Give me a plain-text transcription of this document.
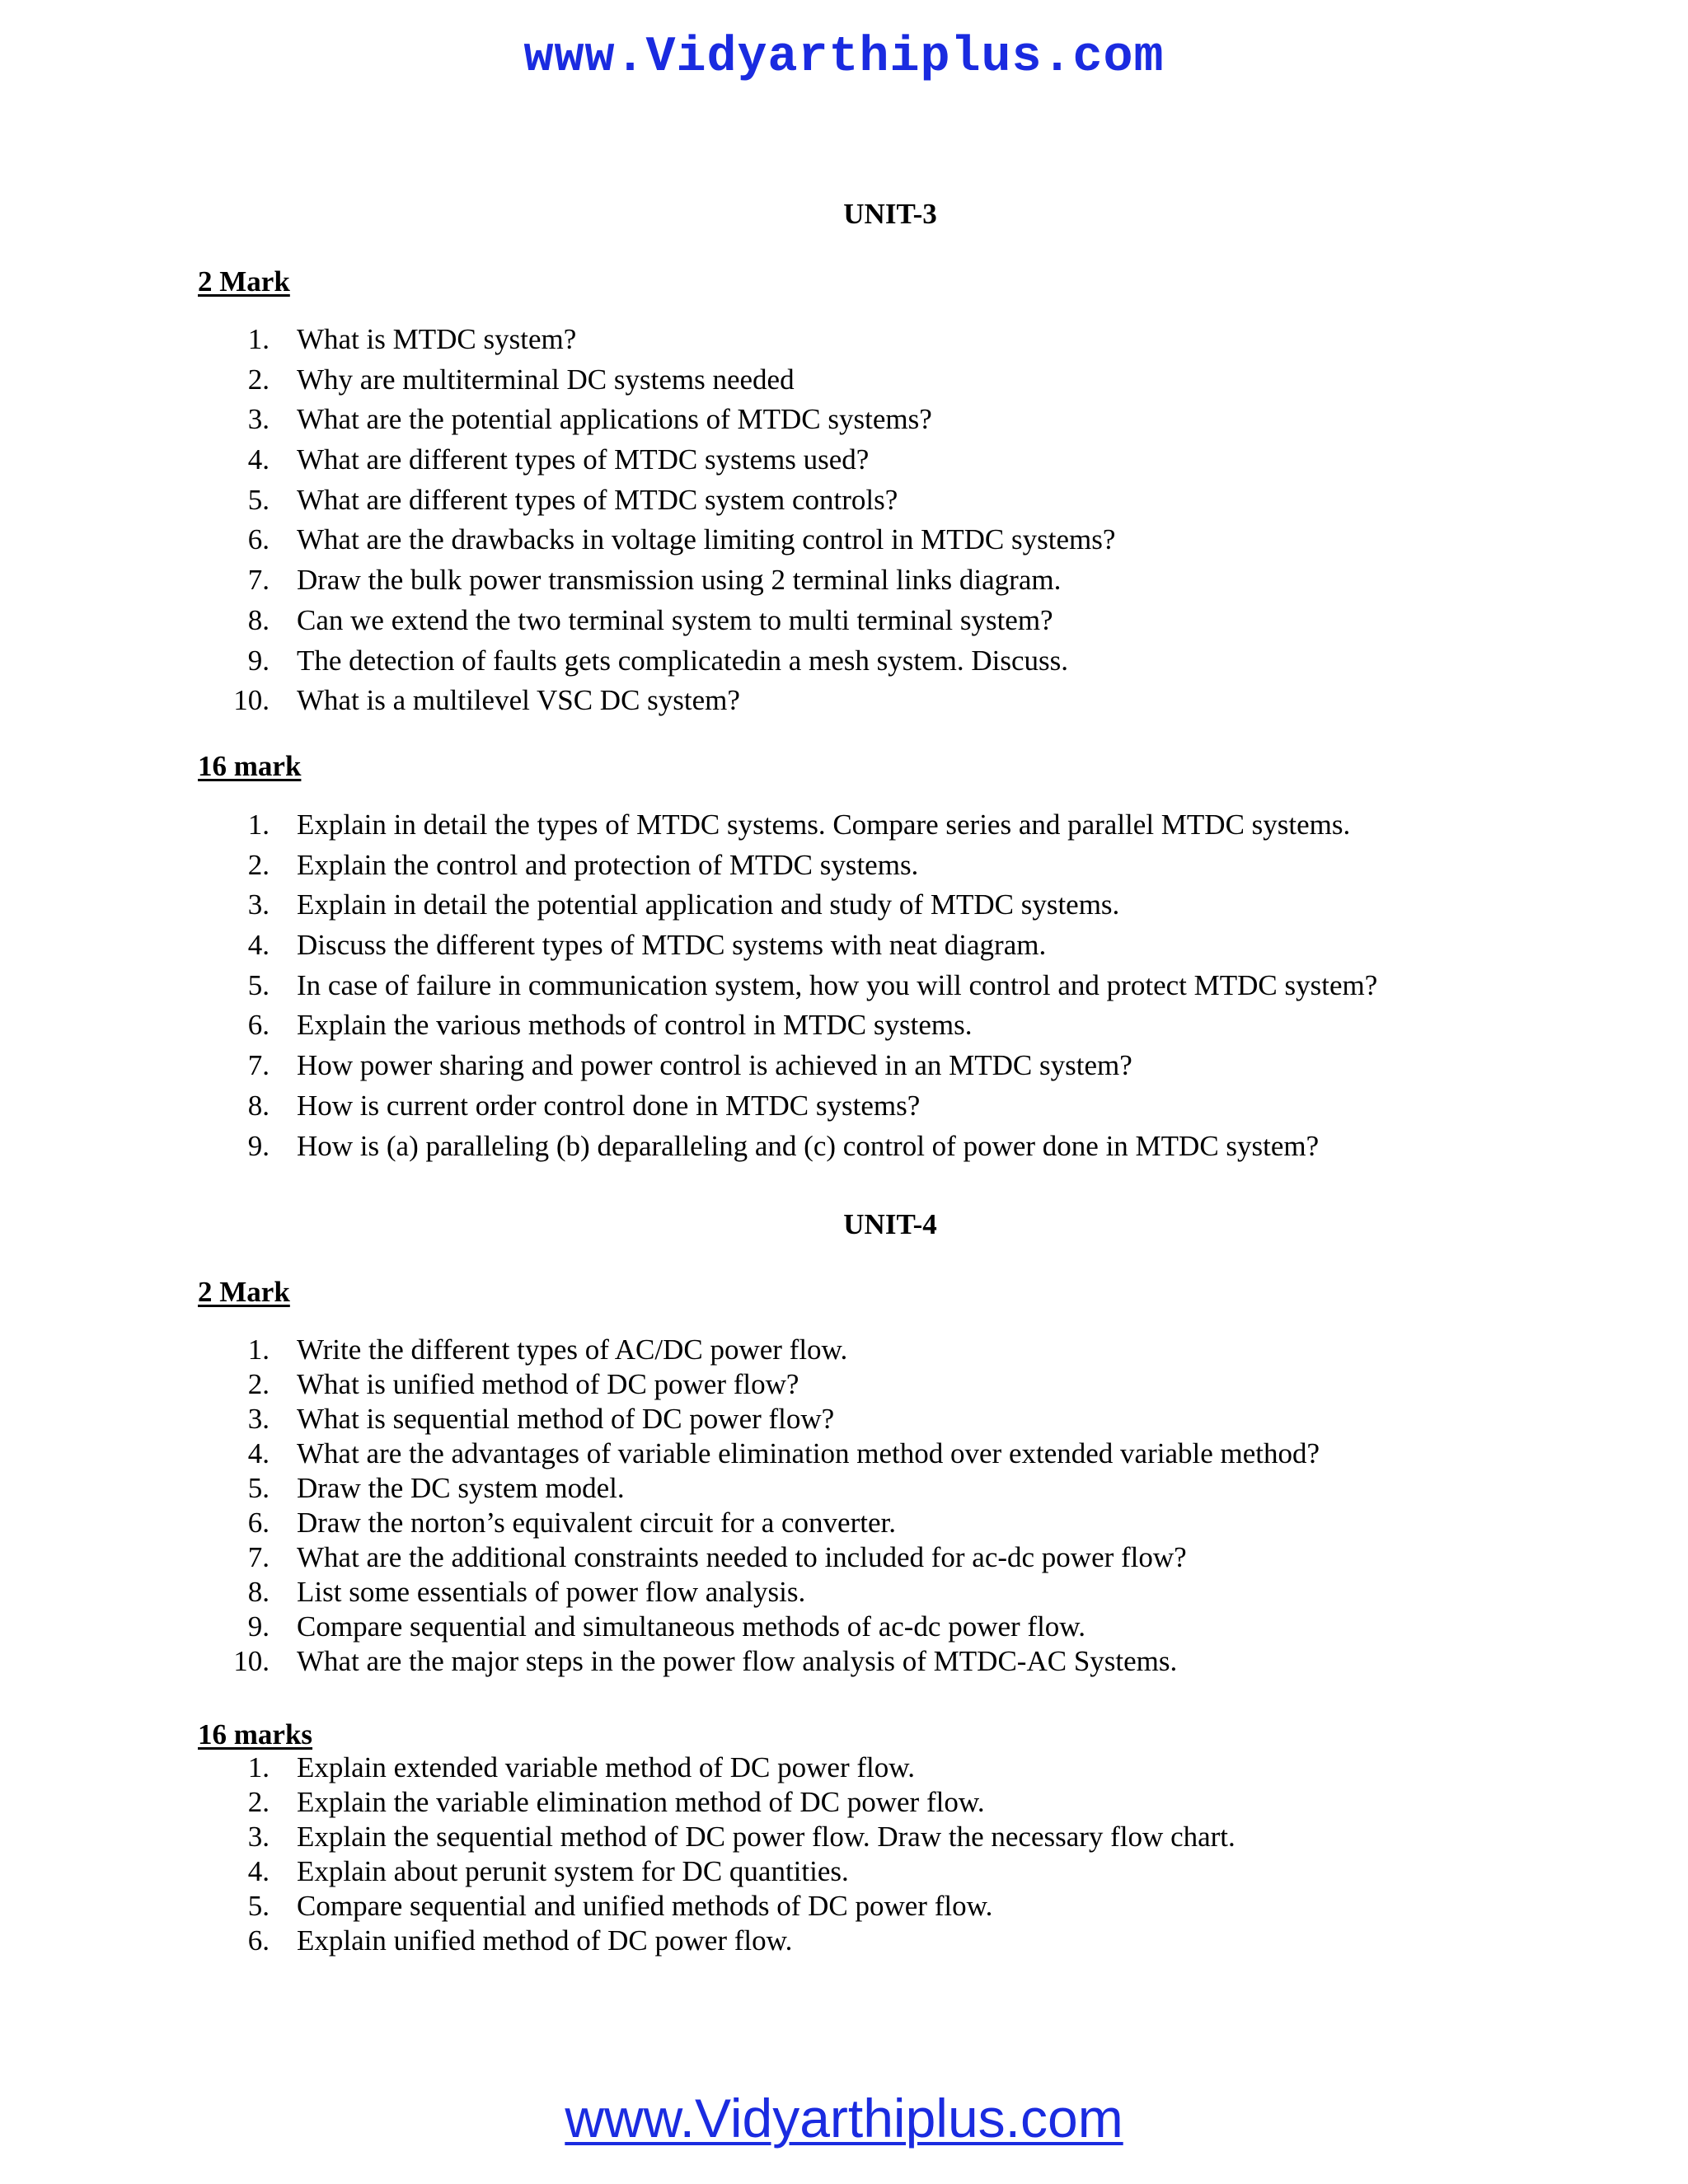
www.Vidyarthiplus.com
UNIT-3
2 Mark
1. What is MTDC system?
2. Why are multiterminal DC systems needed
3. What are the potential applications of MTDC systems?
4. What are different types of MTDC systems used?
5. What are different types of MTDC system controls?
6. What are the drawbacks in voltage limiting control in MTDC systems?
7. Draw the bulk power transmission using 2 terminal links diagram.
8. Can we extend the two terminal system to multi terminal system?
9. The detection of faults gets complicatedin a mesh system. Discuss.
10. What is a multilevel VSC DC system?
16 mark
1. Explain in detail the types of MTDC systems. Compare series and parallel MTDC systems.
2. Explain the control and protection of MTDC systems.
3. Explain in detail the potential application and study of MTDC systems.
4. Discuss the different types of MTDC systems with neat diagram.
5. In case of failure in communication system, how you will control and protect MTDC system?
6. Explain the various methods of control in MTDC systems.
7. How power sharing and power control is achieved in an MTDC system?
8. How is current order control done in MTDC systems?
9. How is (a) paralleling (b) deparalleling and (c) control of power done in MTDC system?
UNIT-4
2 Mark
1. Write the different types of AC/DC power flow.
2. What is unified method of DC power flow?
3. What is sequential method of DC power flow?
4. What are the advantages of variable elimination method over extended variable method?
5. Draw the DC system model.
6. Draw the norton’s equivalent circuit for a converter.
7. What are the additional constraints needed to included for ac-dc power flow?
8. List some essentials of power flow analysis.
9. Compare sequential and simultaneous methods of ac-dc power flow.
10. What are the major steps in the power flow analysis of MTDC-AC Systems.
16 marks
1. Explain extended variable method of DC power flow.
2. Explain the variable elimination method of DC power flow.
3. Explain the sequential method of DC power flow. Draw the necessary flow chart.
4. Explain about perunit system for DC quantities.
5. Compare sequential and unified methods of DC power flow.
6. Explain unified method of DC power flow.
www.Vidyarthiplus.com
